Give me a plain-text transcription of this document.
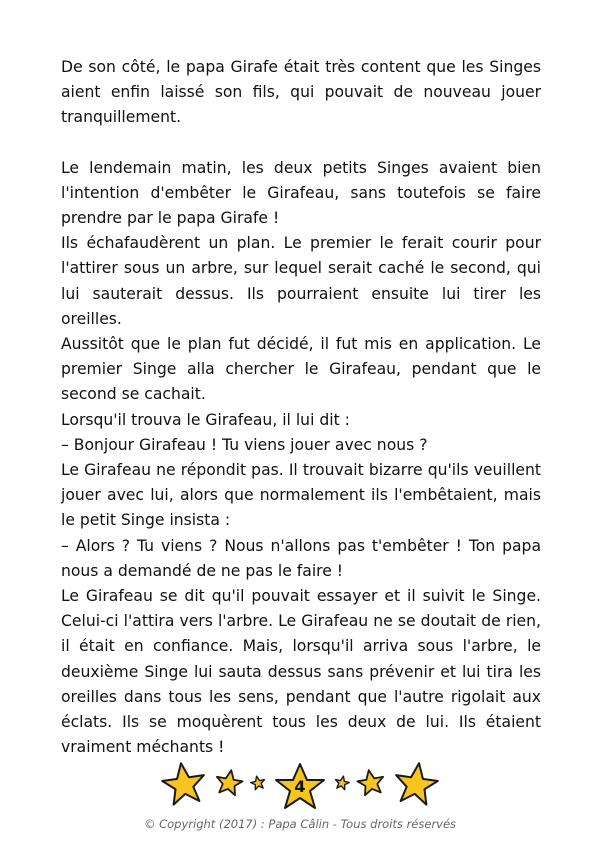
De son côté, le papa Girafe était très content que les Singes aient enfin laissé son fils, qui pouvait de nouveau jouer tranquillement.

Le lendemain matin, les deux petits Singes avaient bien l'intention d'embêter le Girafeau, sans toutefois se faire prendre par le papa Girafe !

Ils échafaudèrent un plan. Le premier le ferait courir pour l'attirer sous un arbre, sur lequel serait caché le second, qui lui sauterait dessus. Ils pourraient ensuite lui tirer les oreilles.

Aussitôt que le plan fut décidé, il fut mis en application. Le premier Singe alla chercher le Girafeau, pendant que le second se cachait.

Lorsqu'il trouva le Girafeau, il lui dit :

– Bonjour Girafeau ! Tu viens jouer avec nous ?

Le Girafeau ne répondit pas. Il trouvait bizarre qu'ils veuillent jouer avec lui, alors que normalement ils l'embêtaient, mais le petit Singe insista :

– Alors ? Tu viens ? Nous n'allons pas t'embêter ! Ton papa nous a demandé de ne pas le faire !

Le Girafeau se dit qu'il pouvait essayer et il suivit le Singe. Celui-ci l'attira vers l'arbre. Le Girafeau ne se doutait de rien, il était en confiance. Mais, lorsqu'il arriva sous l'arbre, le deuxième Singe lui sauta dessus sans prévenir et lui tira les oreilles dans tous les sens, pendant que l'autre rigolait aux éclats. Ils se moquèrent tous les deux de lui. Ils étaient vraiment méchants !

4
© Copyright (2017) : Papa Câlin - Tous droits réservés
